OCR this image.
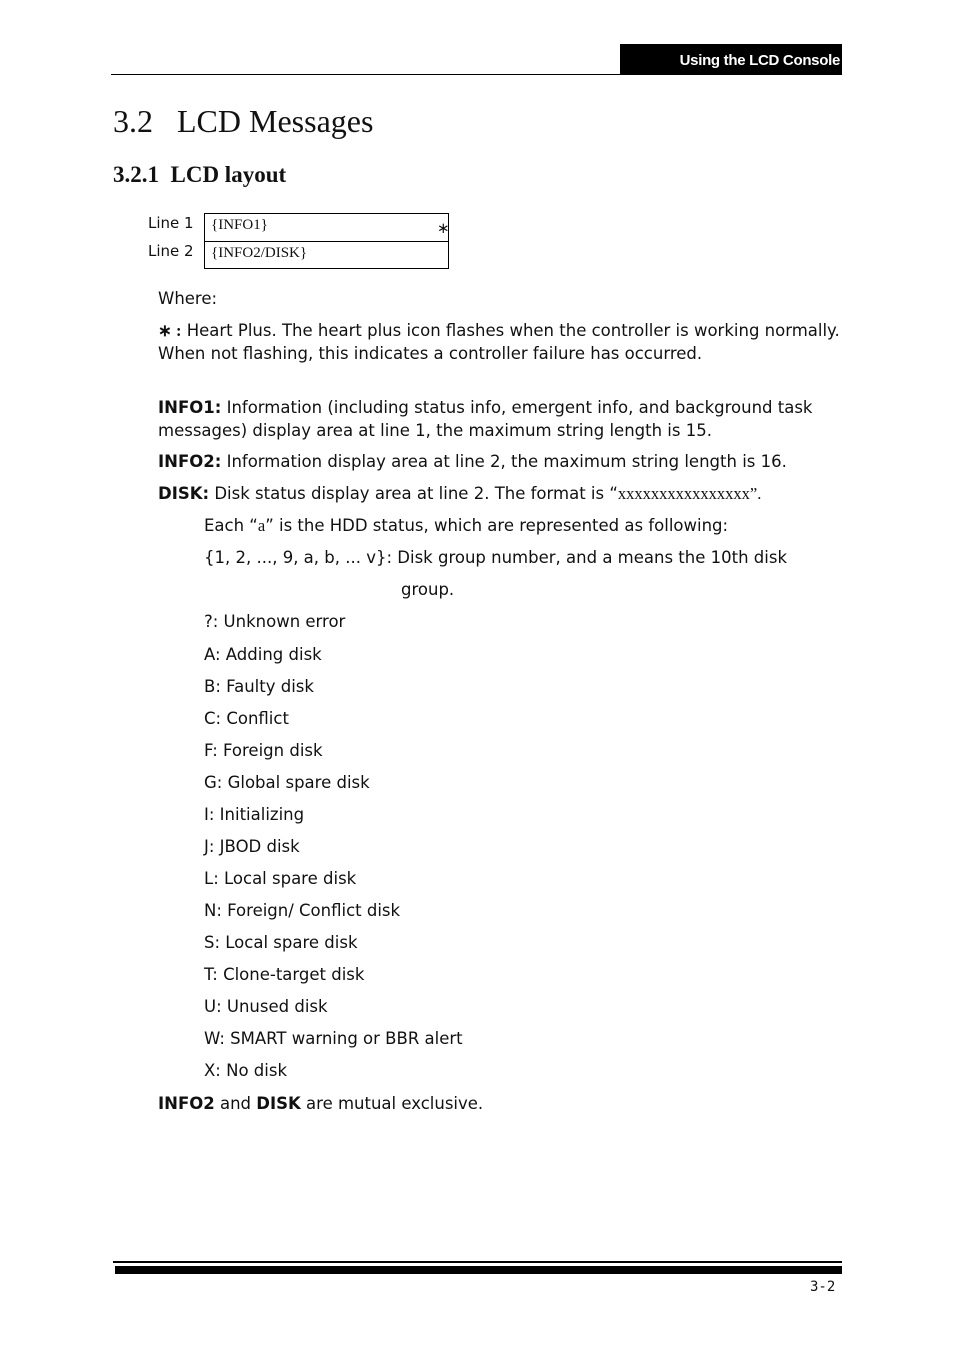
Using the LCD Console
3.2   LCD Messages
3.2.1  LCD layout
Line 1
Line 2
{INFO1}	∗
{INFO2/DISK}
Where:
∗ : Heart Plus. The heart plus icon flashes when the controller is working normally. When not flashing, this indicates a controller failure has occurred.
INFO1: Information (including status info, emergent info, and background task messages) display area at line 1, the maximum string length is 15.
INFO2: Information display area at line 2, the maximum string length is 16.
DISK: Disk status display area at line 2. The format is “xxxxxxxxxxxxxxxx”.
Each “a” is the HDD status, which are represented as following:
{1, 2, ..., 9, a, b, ... v}: Disk group number, and a means the 10th disk
group.
?: Unknown error
A: Adding disk
B: Faulty disk
C: Conflict
F: Foreign disk
G: Global spare disk
I: Initializing
J: JBOD disk
L: Local spare disk
N: Foreign/ Conflict disk
S: Local spare disk
T: Clone-target disk
U: Unused disk
W: SMART warning or BBR alert
X: No disk
INFO2 and DISK are mutual exclusive.
3-2
